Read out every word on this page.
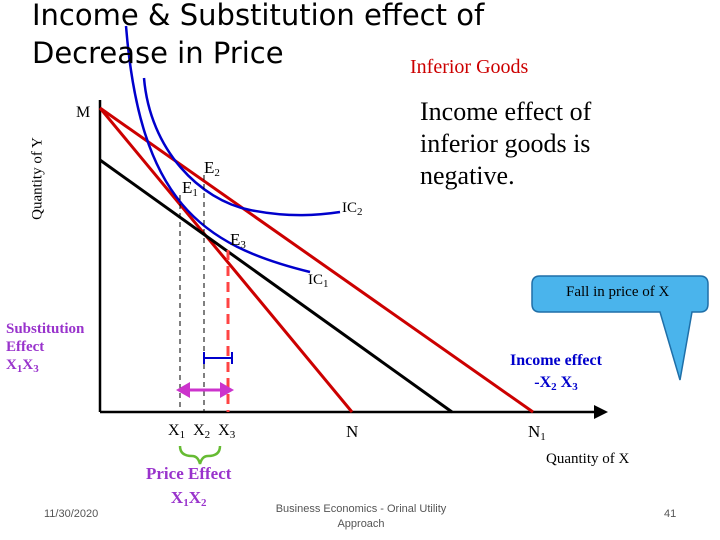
Income & Substitution effect of
Decrease in Price	Inferior Goods
Income effect of inferior goods is negative.
Quantity of Y
Quantity of X
M
$E_1$
$E_2$
$E_3$
$IC_1$
$IC_2$
N	$N_1$
$X_1$ $X_2$ $X_3$
Fall in price of X
Substitution
Effect
$X_1X_3$	Income effect
$-X_2$ $X_3$
Price Effect
$X_1X_2$
11/30/2020	Business Economics - Orinal Utility Approach
41
